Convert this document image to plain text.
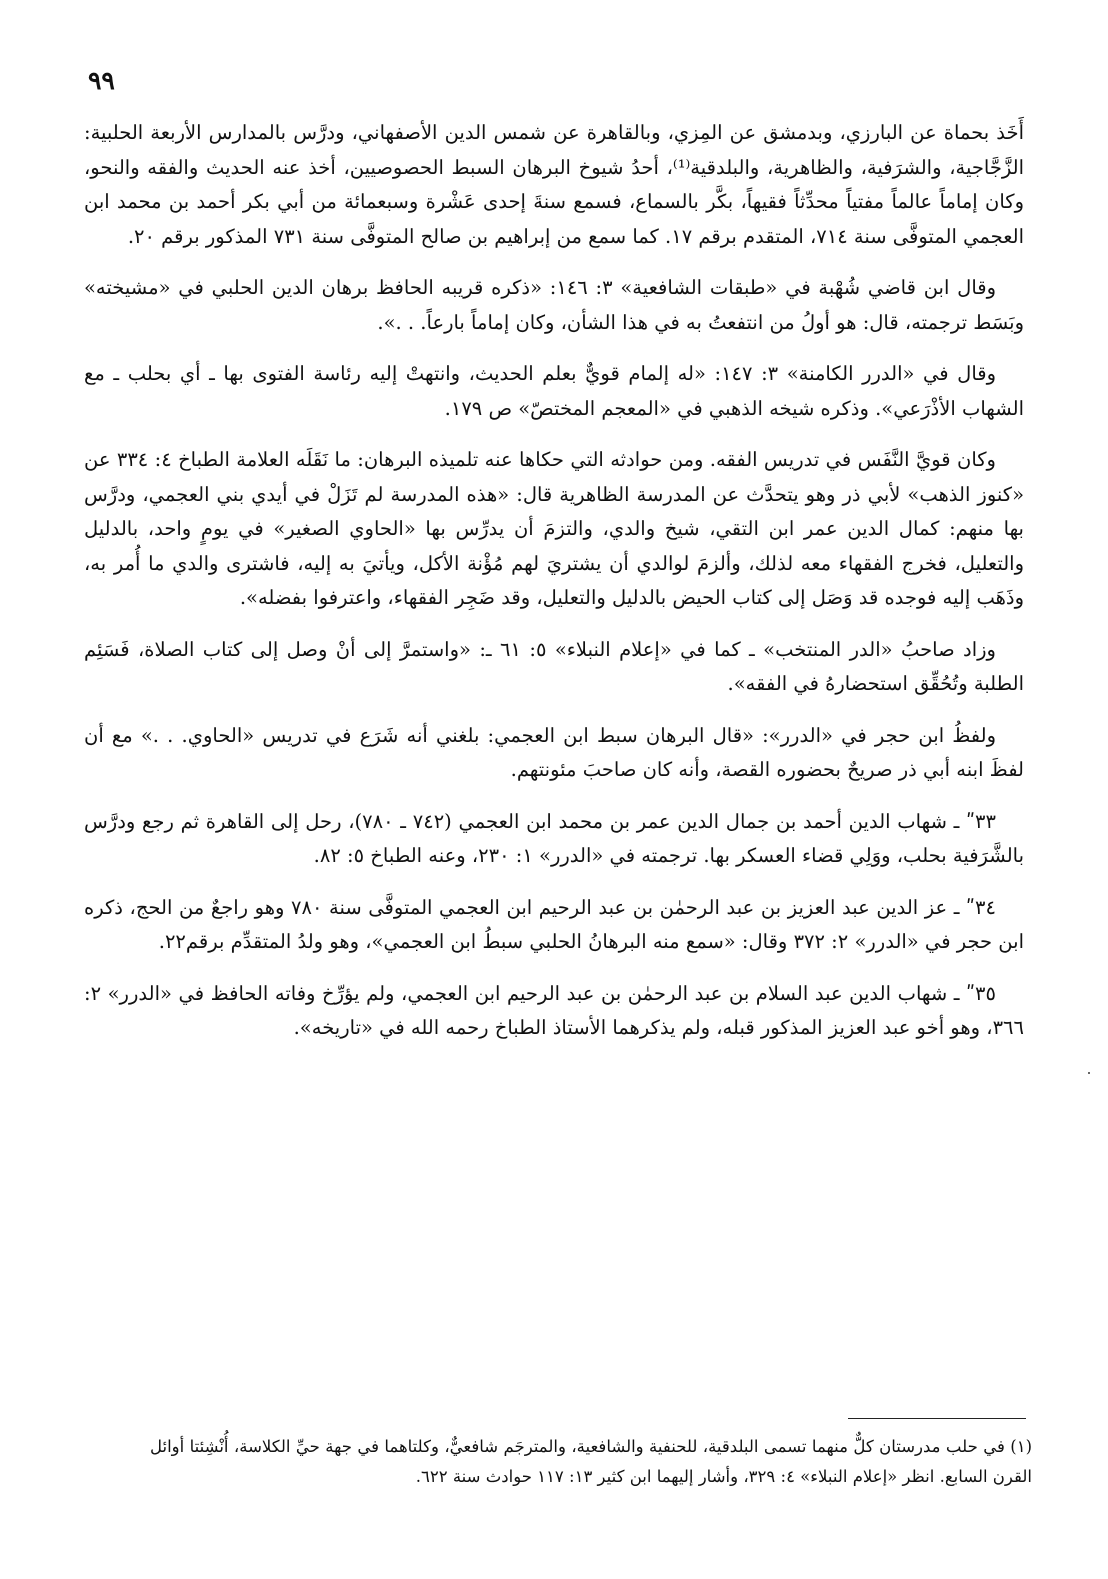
٩٩

أَخَذ بحماة عن البارزي، وبدمشق عن المِزي، وبالقاهرة عن شمس الدين الأصفهاني، ودرَّس بالمدارس الأربعة الحلبية: الزَّجَّاجية، والشرَفية، والظاهرية، والبلدقية⁽¹⁾، أحدُ شيوخ البرهان السبط الحصوصيين، أخذ عنه الحديث والفقه والنحو، وكان إماماً عالماً مفتياً محدِّثاً فقيهاً، بكَّر بالسماع، فسمع سنةَ إحدى عَشْرة وسبعمائة من أبي بكر أحمد بن محمد ابن العجمي المتوفَّى سنة ٧١٤، المتقدم برقم ١٧. كما سمع من إبراهيم بن صالح المتوفَّى سنة ٧٣١ المذكور برقم ٢٠.

وقال ابن قاضي شُهْبة في «طبقات الشافعية» ٣: ١٤٦: «ذكره قريبه الحافظ برهان الدين الحلبي في «مشيخته» وبَسَط ترجمته، قال: هو أولُ من انتفعتُ به في هذا الشأن، وكان إماماً بارعاً. . .».

وقال في «الدرر الكامنة» ٣: ١٤٧: «له إلمام قويٌّ بعلم الحديث، وانتهتْ إليه رئاسة الفتوى بها ـ أي بحلب ـ مع الشهاب الأذْرَعي». وذكره شيخه الذهبي في «المعجم المختصّ» ص ١٧٩.

وكان قويَّ النَّفَس في تدريس الفقه. ومن حوادثه التي حكاها عنه تلميذه البرهان: ما نَقَلَه العلامة الطباخ ٤: ٣٣٤ عن «كنوز الذهب» لأبي ذر وهو يتحدَّث عن المدرسة الظاهرية قال: «هذه المدرسة لم تَزَلْ في أيدي بني العجمي، ودرَّس بها منهم: كمال الدين عمر ابن التقي، شيخ والدي، والتزمَ أن يدرِّس بها «الحاوي الصغير» في يومٍ واحد، بالدليل والتعليل، فخرج الفقهاء معه لذلك، وألزمَ لوالدي أن يشتريَ لهم مُؤْنة الأكل، ويأتيَ به إليه، فاشترى والدي ما أُمر به، وذَهَب إليه فوجده قد وَصَل إلى كتاب الحيض بالدليل والتعليل، وقد ضَجِر الفقهاء، واعترفوا بفضله».

وزاد صاحبُ «الدر المنتخب» ـ كما في «إعلام النبلاء» ٥: ٦١ ـ: «واستمرَّ إلى أنْ وصل إلى كتاب الصلاة، فَسَئِم الطلبة وتُحُقِّق استحضارهُ في الفقه».

ولفظُ ابن حجر في «الدرر»: «قال البرهان سبط ابن العجمي: بلغني أنه شَرَع في تدريس «الحاوي. . .» مع أن لفظَ ابنه أبي ذر صريحٌ بحضوره القصة، وأنه كان صاحبَ مئونتهم.

٣٣ʺ ـ شهاب الدين أحمد بن جمال الدين عمر بن محمد ابن العجمي (٧٤٢ ـ ٧٨٠)، رحل إلى القاهرة ثم رجع ودرَّس بالشَّرَفية بحلب، ووَلِي قضاء العسكر بها. ترجمته في «الدرر» ١: ٢٣٠، وعنه الطباخ ٥: ٨٢.

٣٤ʺ ـ عز الدين عبد العزيز بن عبد الرحمٰن بن عبد الرحيم ابن العجمي المتوفَّى سنة ٧٨٠ وهو راجعٌ من الحج، ذكره ابن حجر في «الدرر» ٢: ٣٧٢ وقال: «سمع منه البرهانُ الحلبي سبطُ ابن العجمي»، وهو ولدُ المتقدِّم برقم٢٢.

٣٥ʺ ـ شهاب الدين عبد السلام بن عبد الرحمٰن بن عبد الرحيم ابن العجمي، ولم يؤرِّخ وفاته الحافظ في «الدرر» ٢: ٣٦٦، وهو أخو عبد العزيز المذكور قبله، ولم يذكرهما الأستاذ الطباخ رحمه الله في «تاريخه».

(١) في حلب مدرستان كلٌّ منهما تسمى البلدقية، للحنفية والشافعية، والمترجَم شافعيٌّ، وكلتاهما في جهة حيِّ الكلاسة، أُنْشِئتا أوائل القرن السابع. انظر «إعلام النبلاء» ٤: ٣٢٩، وأشار إليهما ابن كثير ١٣: ١١٧ حوادث سنة ٦٢٢.
